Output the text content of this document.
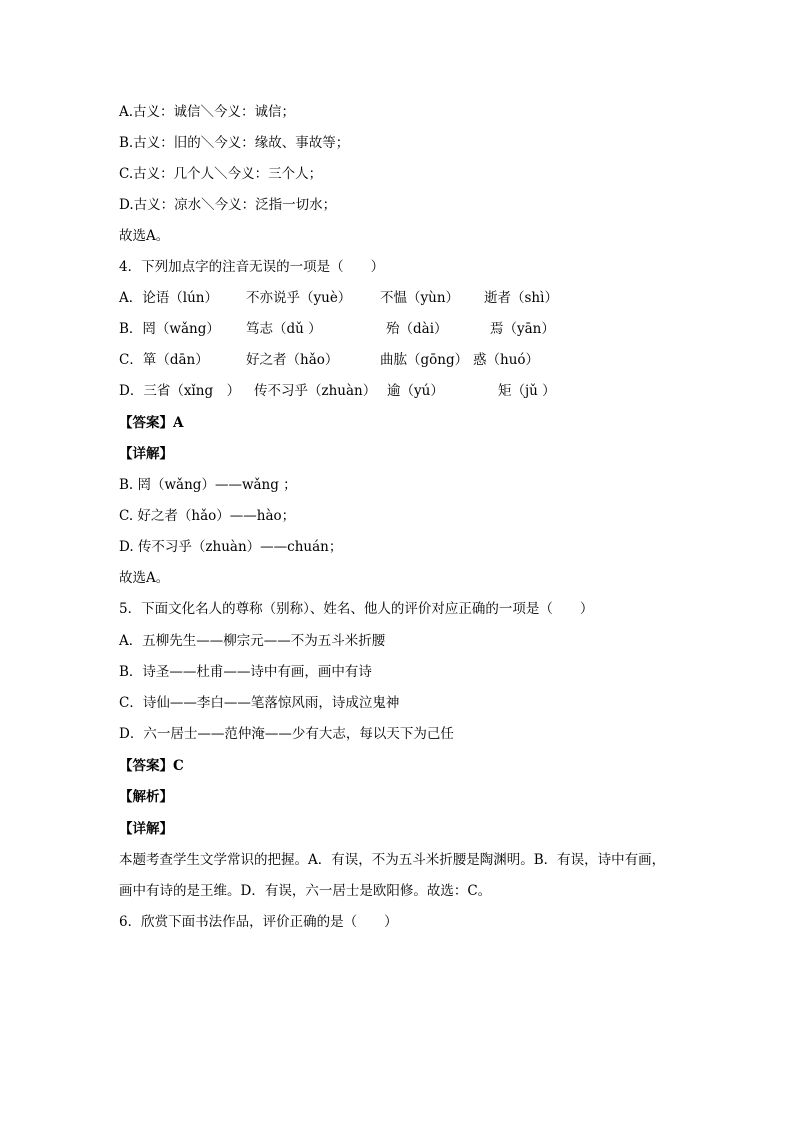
A.古义：诚信＼今义：诚信；
B.古义：旧的＼今义：缘故、事故等；
C.古义：几个人＼今义：三个人；
D.古义：凉水＼今义：泛指一切水；
故选A。
4．下列加点字的注音无误的一项是（　　）
A．论语（lún） 不亦说乎（yuè） 不愠（yùn） 逝者（shì）
B．罔（wǎng） 笃志（dǔ ）	殆（dài）	焉（yān）
C．箪（dān）	好之者（hǎo）	曲肱（gōng） 惑（huó）
D．三省（xǐng　） 传不习乎（zhuàn） 逾（yú）	矩（jǔ ）
【答案】A
【详解】
B. 罔（wǎng）——wǎng ；
C. 好之者（hǎo）——hào；
D. 传不习乎（zhuàn）——chuán；
故选A。
5．下面文化名人的尊称（别称）、姓名、他人的评价对应正确的一项是（　　）
A．五柳先生——柳宗元——不为五斗米折腰
B．诗圣——杜甫——诗中有画，画中有诗
C．诗仙——李白——笔落惊风雨，诗成泣鬼神
D．六一居士——范仲淹——少有大志，每以天下为己任
【答案】C
【解析】
【详解】
本题考查学生文学常识的把握。A．有误，不为五斗米折腰是陶渊明。B．有误，诗中有画，
画中有诗的是王维。D．有误，六一居士是欧阳修。故选：C。
6．欣赏下面书法作品，评价正确的是（　　）
